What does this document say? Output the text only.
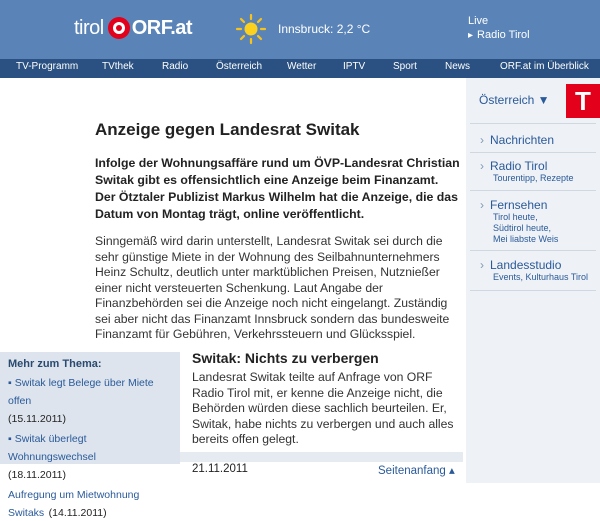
tirol ORF.at	Innsbruck: 2,2 °C
Live
▸ Radio Tirol
TV-Programm TVthek	Radio	Österreich Wetter	IPTV	Sport	News	ORF.at im Überblick
Anzeige gegen Landesrat Switak

Infolge der Wohnungsaffäre rund um ÖVP-Landesrat Christian Switak gibt es offensichtlich eine Anzeige beim Finanzamt. Der Ötztaler Publizist Markus Wilhelm hat die Anzeige, die das Datum von Montag trägt, online veröffentlicht.

Sinngemäß wird darin unterstellt, Landesrat Switak sei durch die sehr günstige Miete in der Wohnung des Seilbahnunternehmers Heinz Schultz, deutlich unter marktüblichen Preisen, Nutznießer einer nicht versteuerten Schenkung. Laut Angabe der Finanzbehörden sei die Anzeige noch nicht eingelangt. Zuständig sei aber nicht das Finanzamt Innsbruck sondern das bundesweite Finanzamt für Gebühren, Verkehrssteuern und Glücksspiel.

Mehr zum Thema:
▪ Switak legt Belege über Miete offen
(15.11.2011)
▪ Switak überlegt Wohnungswechsel
(18.11.2011)
Aufregung um Mietwohnung Switaks (14.11.2011)
Switak: Nichts zu verbergen

Landesrat Switak teilte auf Anfrage von ORF Radio Tirol mit, er kenne die Anzeige nicht, die Behörden würden diese sachlich beurteilen. Er, Switak, habe nichts zu verbergen und auch alles bereits offen gelegt.

21.11.2011	Seitenanfang ▴
Österreich ▼ T
› Nachrichten
› Radio Tirol
Tourentipp, Rezepte
› Fernsehen
Tirol heute,
Südtirol heute,
Mei liabste Weis
› Landesstudio
Events, Kulturhaus Tirol
